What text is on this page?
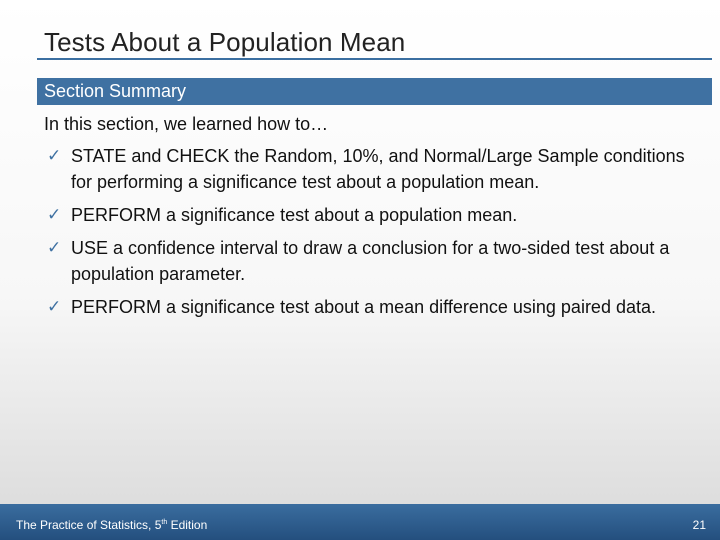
Tests About a Population Mean
Section Summary
In this section, we learned how to…
✓ STATE and CHECK the Random, 10%, and Normal/Large Sample conditions for performing a significance test about a population mean.
✓ PERFORM a significance test about a population mean.
✓ USE a confidence interval to draw a conclusion for a two-sided test about a population parameter.
✓ PERFORM a significance test about a mean difference using paired data.
The Practice of Statistics, 5th Edition	21
